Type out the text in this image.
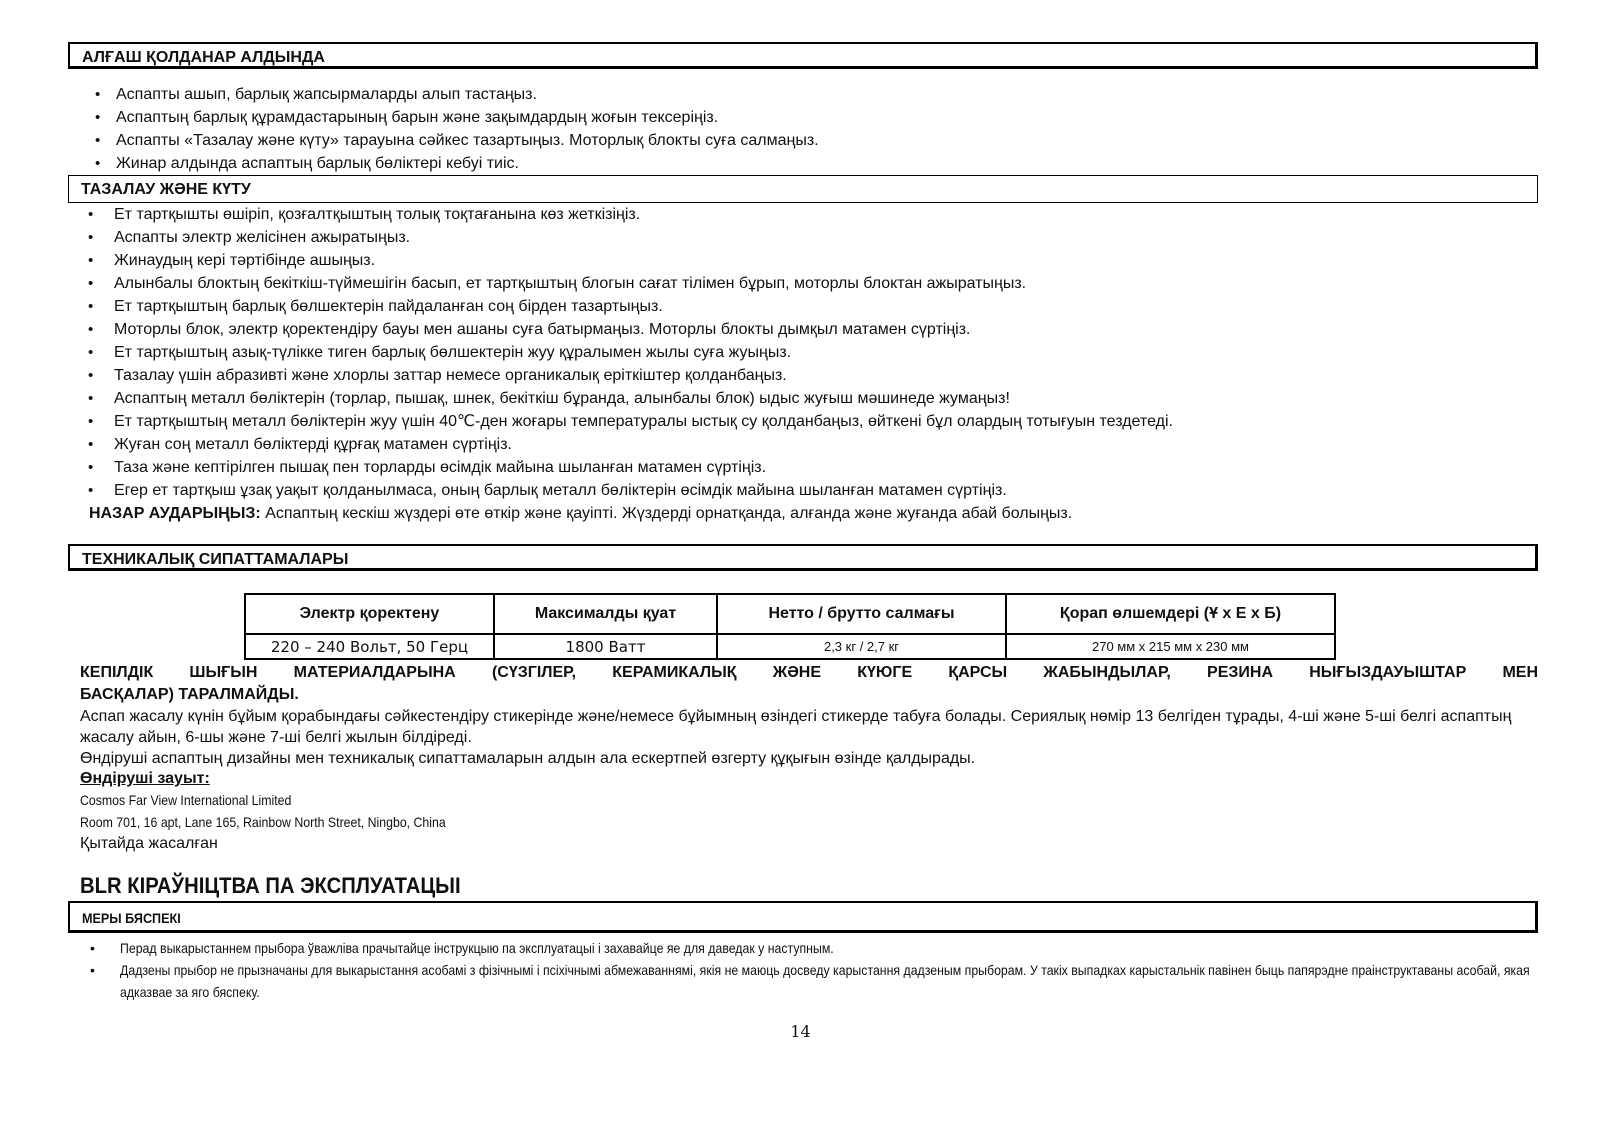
АЛҒАШ ҚОЛДАНАР АЛДЫНДА
• Аспапты ашып, барлық жапсырмаларды алып тастаңыз.
• Аспаптың барлық құрамдастарының барын және зақымдардың жоғын тексеріңіз.
• Аспапты «Тазалау және күту» тарауына сәйкес тазартыңыз. Моторлық блокты суға салмаңыз.
• Жинар алдында аспаптың барлық бөліктері кебуі тиіс.
ТАЗАЛАУ ЖӘНЕ КҮТУ
• Ет тартқышты өшіріп, қозғалтқыштың толық тоқтағанына көз жеткізіңіз.
• Аспапты электр желісінен ажыратыңыз.
• Жинаудың кері тәртібінде ашыңыз.
• Алынбалы блоктың бекіткіш-түймешігін басып, ет тартқыштың блогын сағат тілімен бұрып, моторлы блоктан ажыратыңыз.
• Ет тартқыштың барлық бөлшектерін пайдаланған соң бірден тазартыңыз.
• Моторлы блок, электр қоректендіру бауы мен ашаны суға батырмаңыз. Моторлы блокты дымқыл матамен сүртіңіз.
• Ет тартқыштың азық-түлікке тиген барлық бөлшектерін жуу құралымен жылы суға жуыңыз.
• Тазалау үшін абразивті және хлорлы заттар немесе органикалық еріткіштер қолданбаңыз.
• Аспаптың металл бөліктерін (торлар, пышақ, шнек, бекіткіш бұранда, алынбалы блок) ыдыс жуғыш мәшинеде жумаңыз!
• Ет тартқыштың металл бөліктерін жуу үшін 40℃-ден жоғары температуралы ыстық су қолданбаңыз, өйткені бұл олардың тотығуын тездетеді.
• Жуған соң металл бөліктерді құрғақ матамен сүртіңіз.
• Таза және кептірілген пышақ пен торларды өсімдік майына шыланған матамен сүртіңіз.
• Егер ет тартқыш ұзақ уақыт қолданылмаса, оның барлық металл бөліктерін өсімдік майына шыланған матамен сүртіңіз.
НАЗАР АУДАРЫҢЫЗ: Аспаптың кескіш жүздері өте өткір және қауіпті. Жүздерді орнатқанда, алғанда және жуғанда абай болыңыз.
ТЕХНИКАЛЫҚ СИПАТТАМАЛАРЫ
Электр қоректену	Максималды қуат	Нетто / брутто салмағы	Қорап өлшемдері (Ұ х Е х Б)
220 – 240 Вольт, 50 Герц	1800 Ватт	2,3 кг / 2,7 кг	270 мм x 215 мм x 230 мм
КЕПІЛДІК ШЫҒЫН МАТЕРИАЛДАРЫНА (СҮЗГІЛЕР, КЕРАМИКАЛЫҚ ЖӘНЕ КҮЮГЕ ҚАРСЫ ЖАБЫНДЫЛАР, РЕЗИНА НЫҒЫЗДАУЫШТАР МЕН
БАСҚАЛАР) ТАРАЛМАЙДЫ.
Аспап жасалу күнін бұйым қорабындағы сәйкестендіру стикерінде және/немесе бұйымның өзіндегі стикерде табуға болады. Сериялық нөмір 13 белгіден тұрады, 4-ші және 5-ші белгі аспаптың жасалу айын, 6-шы және 7-ші белгі жылын білдіреді.
Өндіруші аспаптың дизайны мен техникалық сипаттамаларын алдын ала ескертпей өзгерту құқығын өзінде қалдырады.
Өндіруші зауыт:
Cosmos Far View International Limited
Room 701, 16 apt, Lane 165, Rainbow North Street, Ningbo, China
Қытайда жасалған
BLR КІРАЎНІЦТВА ПА ЭКСПЛУАТАЦЫІ
МЕРЫ БЯСПЕКІ
• Перад выкарыстаннем прыбора ўважліва прачытайце інструкцыю па эксплуатацыі і захавайце яе для даведак у наступным.
• Дадзены прыбор не прызначаны для выкарыстання асобамі з фізічнымі і псіхічнымі абмежаваннямі, якія не маюць досведу карыстання дадзеным прыборам. У такіх выпадках карыстальнік павінен быць папярэдне праінструктаваны асобай, якая адказвае за яго бяспеку.
14
